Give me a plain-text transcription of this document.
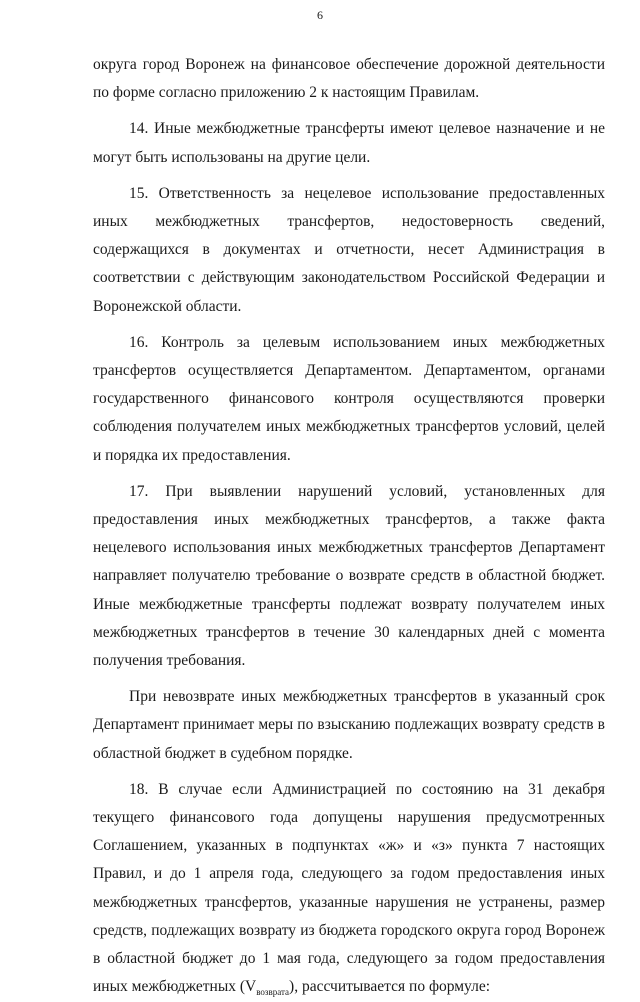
6

округа город Воронеж на финансовое обеспечение дорожной деятельности по форме согласно приложению 2 к настоящим Правилам.

14. Иные межбюджетные трансферты имеют целевое назначение и не могут быть использованы на другие цели.

15. Ответственность за нецелевое использование предоставленных иных межбюджетных трансфертов, недостоверность сведений, содержащихся в документах и отчетности, несет Администрация в соответствии с действующим законодательством Российской Федерации и Воронежской области.

16. Контроль за целевым использованием иных межбюджетных трансфертов осуществляется Департаментом. Департаментом, органами государственного финансового контроля осуществляются проверки соблюдения получателем иных межбюджетных трансфертов условий, целей и порядка их предоставления.

17. При выявлении нарушений условий, установленных для предоставления иных межбюджетных трансфертов, а также факта нецелевого использования иных межбюджетных трансфертов Департамент направляет получателю требование о возврате средств в областной бюджет. Иные межбюджетные трансферты подлежат возврату получателем иных межбюджетных трансфертов в течение 30 календарных дней с момента получения требования.

При невозврате иных межбюджетных трансфертов в указанный срок Департамент принимает меры по взысканию подлежащих возврату средств в областной бюджет в судебном порядке.

18. В случае если Администрацией по состоянию на 31 декабря текущего финансового года допущены нарушения предусмотренных Соглашением, указанных в подпунктах «ж» и «з» пункта 7 настоящих Правил, и до 1 апреля года, следующего за годом предоставления иных межбюджетных трансфертов, указанные нарушения не устранены, размер средств, подлежащих возврату из бюджета городского округа город Воронеж в областной бюджет до 1 мая года, следующего за годом предоставления иных межбюджетных $(V_{возврата})$, рассчитывается по формуле:
